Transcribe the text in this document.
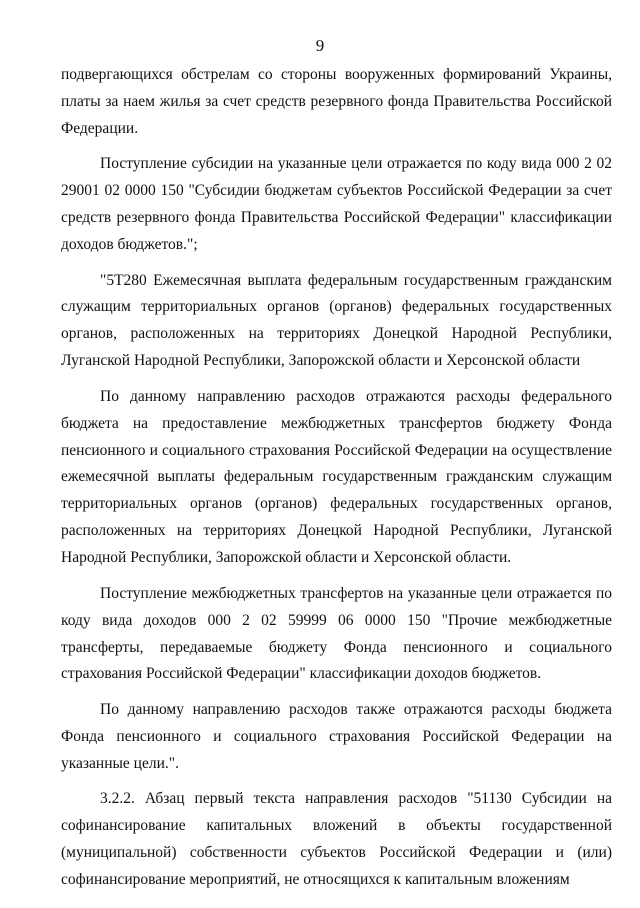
9

подвергающихся обстрелам со стороны вооруженных формирований Украины, платы за наем жилья за счет средств резервного фонда Правительства Российской Федерации.

Поступление субсидии на указанные цели отражается по коду вида 000 2 02 29001 02 0000 150 "Субсидии бюджетам субъектов Российской Федерации за счет средств резервного фонда Правительства Российской Федерации" классификации доходов бюджетов.";

"5Т280 Ежемесячная выплата федеральным государственным гражданским служащим территориальных органов (органов) федеральных государственных органов, расположенных на территориях Донецкой Народной Республики, Луганской Народной Республики, Запорожской области и Херсонской области

По данному направлению расходов отражаются расходы федерального бюджета на предоставление межбюджетных трансфертов бюджету Фонда пенсионного и социального страхования Российской Федерации на осуществление ежемесячной выплаты федеральным государственным гражданским служащим территориальных органов (органов) федеральных государственных органов, расположенных на территориях Донецкой Народной Республики, Луганской Народной Республики, Запорожской области и Херсонской области.

Поступление межбюджетных трансфертов на указанные цели отражается по коду вида доходов 000 2 02 59999 06 0000 150 "Прочие межбюджетные трансферты, передаваемые бюджету Фонда пенсионного и социального страхования Российской Федерации" классификации доходов бюджетов.

По данному направлению расходов также отражаются расходы бюджета Фонда пенсионного и социального страхования Российской Федерации на указанные цели.".

3.2.2. Абзац первый текста направления расходов "51130 Субсидии на софинансирование капитальных вложений в объекты государственной (муниципальной) собственности субъектов Российской Федерации и (или) софинансирование мероприятий, не относящихся к капитальным вложениям
